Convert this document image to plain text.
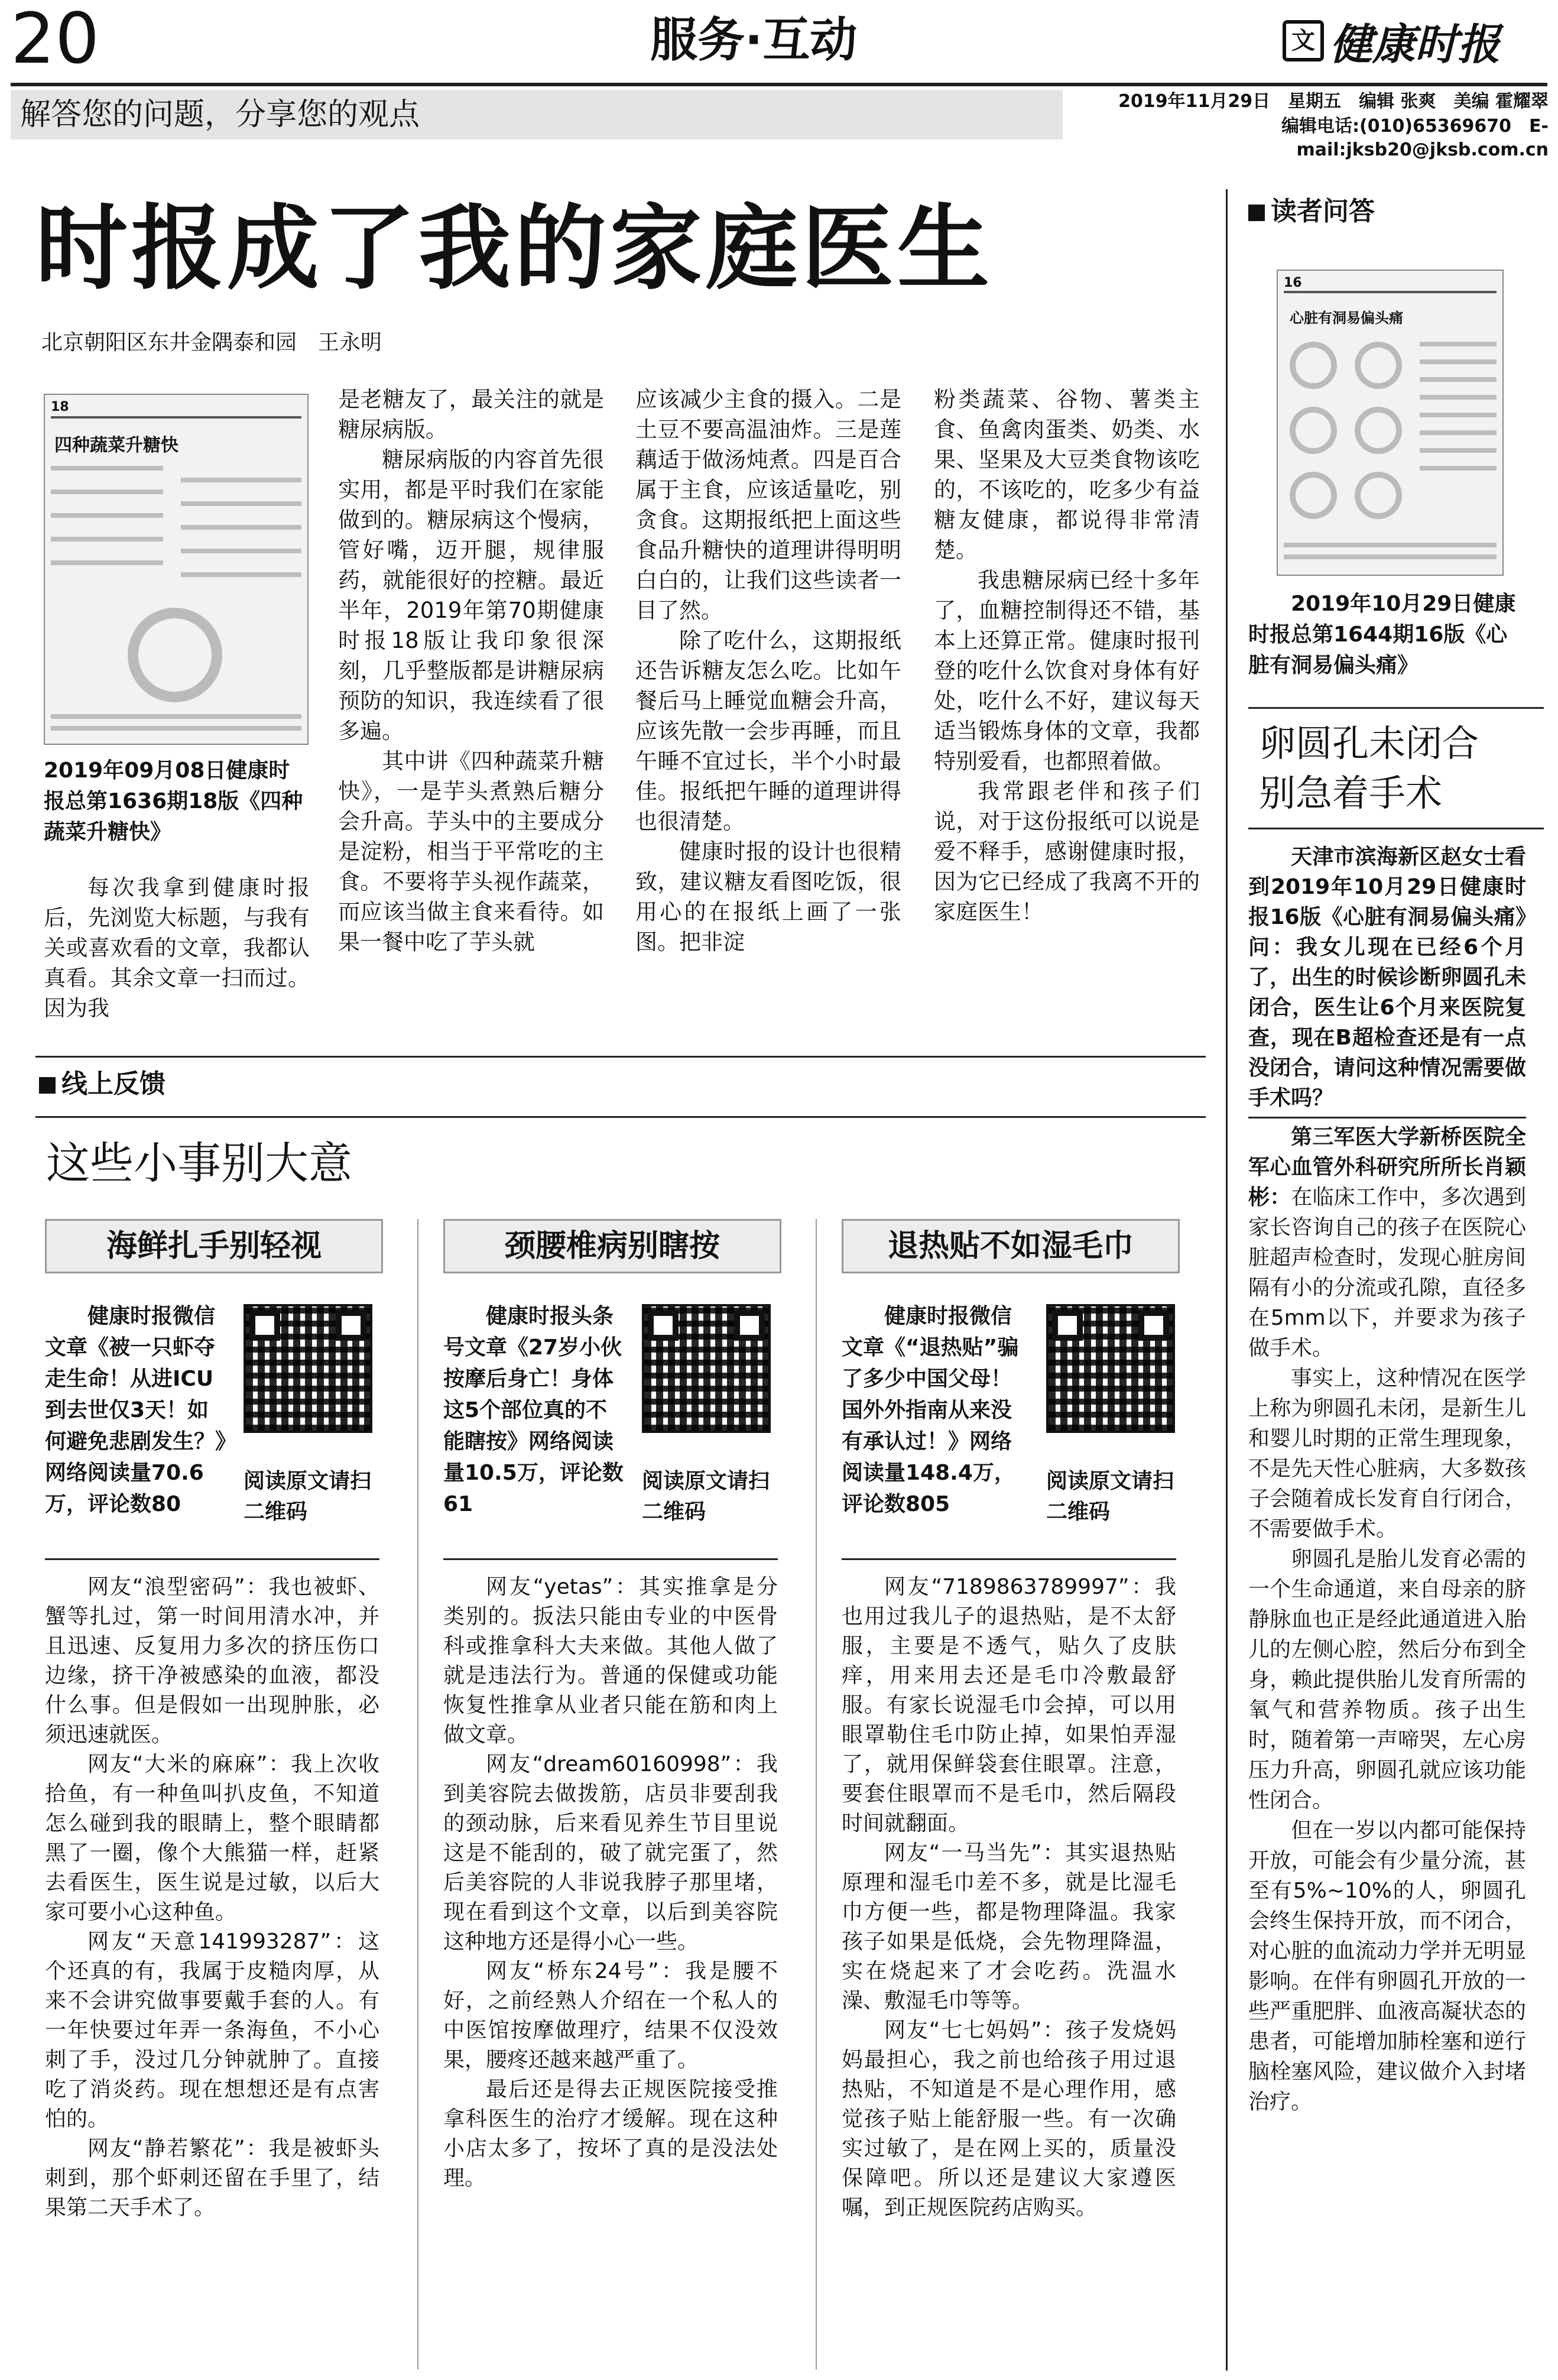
20	服务·互动	文 健康时报
解答您的问题，分享您的观点	2019年11月29日　星期五　编辑 张爽　美编 霍耀翠
编辑电话:(010)65369670　E-mail:jksb20@jksb.com.cn
时报成了我的家庭医生
北京朝阳区东井金隅泰和园　王永明
18
四种蔬菜升糖快
2019年09月08日健康时报总第1636期18版《四种蔬菜升糖快》

每次我拿到健康时报后，先浏览大标题，与我有关或喜欢看的文章，我都认真看。其余文章一扫而过。因为我

是老糖友了，最关注的就是糖尿病版。

糖尿病版的内容首先很实用，都是平时我们在家能做到的。糖尿病这个慢病，管好嘴，迈开腿，规律服药，就能很好的控糖。最近半年，2019年第70期健康时报18版让我印象很深刻，几乎整版都是讲糖尿病预防的知识，我连续看了很多遍。

其中讲《四种蔬菜升糖快》，一是芋头煮熟后糖分会升高。芋头中的主要成分是淀粉，相当于平常吃的主食。不要将芋头视作蔬菜，而应该当做主食来看待。如果一餐中吃了芋头就

应该减少主食的摄入。二是土豆不要高温油炸。三是莲藕适于做汤炖煮。四是百合属于主食，应该适量吃，别贪食。这期报纸把上面这些食品升糖快的道理讲得明明白白的，让我们这些读者一目了然。

除了吃什么，这期报纸还告诉糖友怎么吃。比如午餐后马上睡觉血糖会升高，应该先散一会步再睡，而且午睡不宜过长，半个小时最佳。报纸把午睡的道理讲得也很清楚。

健康时报的设计也很精致，建议糖友看图吃饭，很用心的在报纸上画了一张图。把非淀

粉类蔬菜、谷物、薯类主食、鱼禽肉蛋类、奶类、水果、坚果及大豆类食物该吃的，不该吃的，吃多少有益糖友健康，都说得非常清楚。

我患糖尿病已经十多年了，血糖控制得还不错，基本上还算正常。健康时报刊登的吃什么饮食对身体有好处，吃什么不好，建议每天适当锻炼身体的文章，我都特别爱看，也都照着做。

我常跟老伴和孩子们说，对于这份报纸可以说是爱不释手，感谢健康时报，因为它已经成了我离不开的家庭医生！

读者问答
16
心脏有洞易偏头痛
2019年10月29日健康时报总第1644期16版《心脏有洞易偏头痛》
卵圆孔未闭合
别急着手术

天津市滨海新区赵女士看到2019年10月29日健康时报16版《心脏有洞易偏头痛》问：我女儿现在已经6个月了，出生的时候诊断卵圆孔未闭合，医生让6个月来医院复查，现在B超检查还是有一点没闭合，请问这种情况需要做手术吗？

第三军医大学新桥医院全军心血管外科研究所所长肖颖彬：在临床工作中，多次遇到家长咨询自己的孩子在医院心脏超声检查时，发现心脏房间隔有小的分流或孔隙，直径多在5mm以下，并要求为孩子做手术。

事实上，这种情况在医学上称为卵圆孔未闭，是新生儿和婴儿时期的正常生理现象，不是先天性心脏病，大多数孩子会随着成长发育自行闭合，不需要做手术。

卵圆孔是胎儿发育必需的一个生命通道，来自母亲的脐静脉血也正是经此通道进入胎儿的左侧心腔，然后分布到全身，赖此提供胎儿发育所需的氧气和营养物质。孩子出生时，随着第一声啼哭，左心房压力升高，卵圆孔就应该功能性闭合。

但在一岁以内都可能保持开放，可能会有少量分流，甚至有5%~10%的人，卵圆孔会终生保持开放，而不闭合，对心脏的血流动力学并无明显影响。在伴有卵圆孔开放的一些严重肥胖、血液高凝状态的患者，可能增加肺栓塞和逆行脑栓塞风险，建议做介入封堵治疗。

线上反馈
这些小事别大意
海鲜扎手别轻视
健康时报微信文章《被一只虾夺走生命！从进ICU到去世仅3天！如何避免悲剧发生？》网络阅读量70.6万，评论数80
阅读原文请扫二维码

网友“浪型密码”：我也被虾、蟹等扎过，第一时间用清水冲，并且迅速、反复用力多次的挤压伤口边缘，挤干净被感染的血液，都没什么事。但是假如一出现肿胀，必须迅速就医。

网友“大米的麻麻”：我上次收拾鱼，有一种鱼叫扒皮鱼，不知道怎么碰到我的眼睛上，整个眼睛都黑了一圈，像个大熊猫一样，赶紧去看医生，医生说是过敏，以后大家可要小心这种鱼。

网友“天意141993287”：这个还真的有，我属于皮糙肉厚，从来不会讲究做事要戴手套的人。有一年快要过年弄一条海鱼，不小心刺了手，没过几分钟就肿了。直接吃了消炎药。现在想想还是有点害怕的。

网友“静若繁花”：我是被虾头刺到，那个虾刺还留在手里了，结果第二天手术了。

颈腰椎病别瞎按
健康时报头条号文章《27岁小伙按摩后身亡！身体这5个部位真的不能瞎按》网络阅读量10.5万，评论数61
阅读原文请扫二维码

网友“yetas”：其实推拿是分类别的。扳法只能由专业的中医骨科或推拿科大夫来做。其他人做了就是违法行为。普通的保健或功能恢复性推拿从业者只能在筋和肉上做文章。

网友“dream60160998”：我到美容院去做拨筋，店员非要刮我的颈动脉，后来看见养生节目里说这是不能刮的，破了就完蛋了，然后美容院的人非说我脖子那里堵，现在看到这个文章，以后到美容院这种地方还是得小心一些。

网友“桥东24号”：我是腰不好，之前经熟人介绍在一个私人的中医馆按摩做理疗，结果不仅没效果，腰疼还越来越严重了。

最后还是得去正规医院接受推拿科医生的治疗才缓解。现在这种小店太多了，按坏了真的是没法处理。

退热贴不如湿毛巾
健康时报微信文章《“退热贴”骗了多少中国父母！国外外指南从来没有承认过！》网络阅读量148.4万，评论数805
阅读原文请扫二维码

网友“7189863789997”：我也用过我儿子的退热贴，是不太舒服，主要是不透气，贴久了皮肤痒，用来用去还是毛巾冷敷最舒服。有家长说湿毛巾会掉，可以用眼罩勒住毛巾防止掉，如果怕弄湿了，就用保鲜袋套住眼罩。注意，要套住眼罩而不是毛巾，然后隔段时间就翻面。

网友“一马当先”：其实退热贴原理和湿毛巾差不多，就是比湿毛巾方便一些，都是物理降温。我家孩子如果是低烧，会先物理降温，实在烧起来了才会吃药。洗温水澡、敷湿毛巾等等。

网友“七七妈妈”：孩子发烧妈妈最担心，我之前也给孩子用过退热贴，不知道是不是心理作用，感觉孩子贴上能舒服一些。有一次确实过敏了，是在网上买的，质量没保障吧。所以还是建议大家遵医嘱，到正规医院药店购买。
